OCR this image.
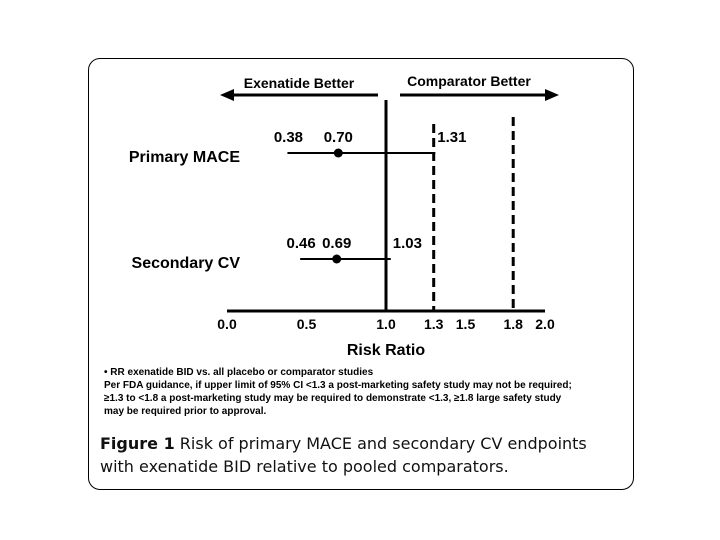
0.0	0.5	1.0 1.3 1.5 1.8 2.0
Risk Ratio
Exenatide Better	Comparator Better
Primary MACE
0.38 0.70	1.31
Secondary CV
0.46 0.69	1.03
• RR exenatide BID vs. all placebo or comparator studies
Per FDA guidance, if upper limit of 95% CI <1.3 a post-marketing safety study may not be required;
≥1.3 to <1.8 a post-marketing study may be required to demonstrate <1.3, ≥1.8 large safety study
may be required prior to approval.
Figure 1 Risk of primary MACE and secondary CV endpoints with exenatide BID relative to pooled comparators.
